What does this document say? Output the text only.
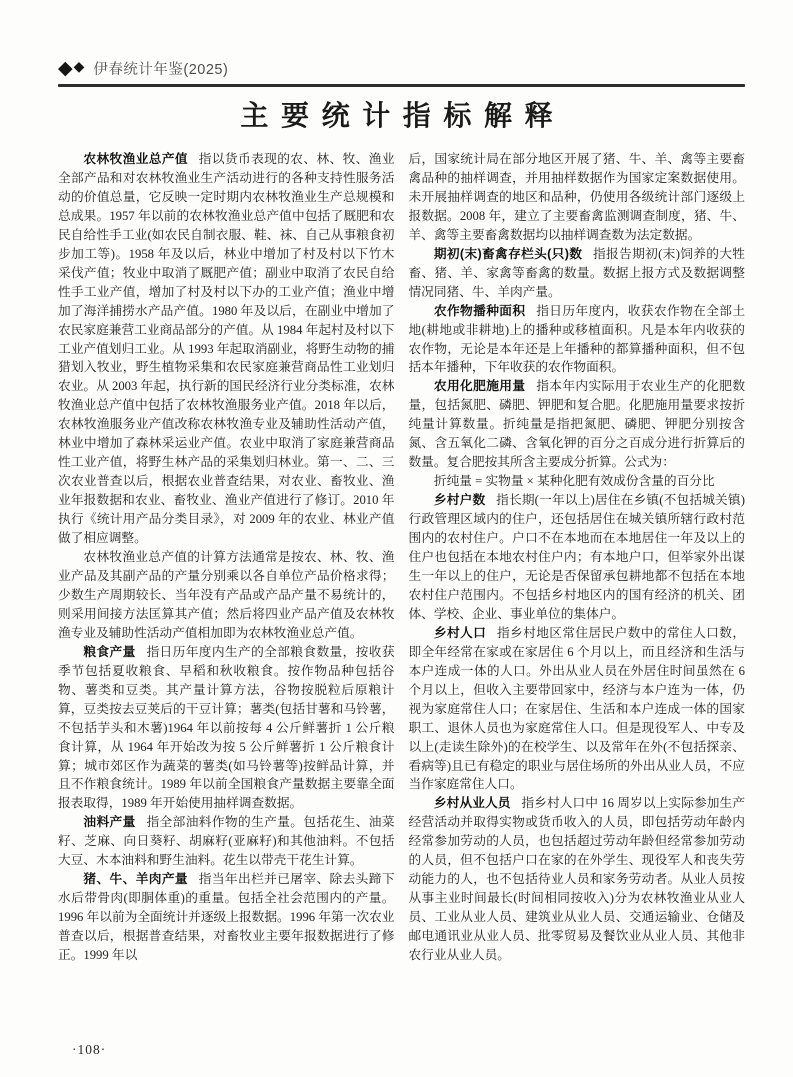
◆ ◆ 伊春统计年鉴(2025)
主要统计指标解释

农林牧渔业总产值 指以货币表现的农、林、牧、渔业全部产品和对农林牧渔业生产活动进行的各种支持性服务活动的价值总量，它反映一定时期内农林牧渔业生产总规模和总成果。1957 年以前的农林牧渔业总产值中包括了厩肥和农民自给性手工业(如农民自制衣服、鞋、袜、自己从事粮食初步加工等)。1958 年及以后，林业中增加了村及村以下竹木采伐产值；牧业中取消了厩肥产值；副业中取消了农民自给性手工业产值，增加了村及村以下办的工业产值；渔业中增加了海洋捕捞水产品产值。1980 年及以后，在副业中增加了农民家庭兼营工业商品部分的产值。从 1984 年起村及村以下工业产值划归工业。从 1993 年起取消副业，将野生动物的捕猎划入牧业，野生植物采集和农民家庭兼营商品性工业划归农业。从 2003 年起，执行新的国民经济行业分类标准，农林牧渔业总产值中包括了农林牧渔服务业产值。2018 年以后，农林牧渔服务业产值改称农林牧渔专业及辅助性活动产值，林业中增加了森林采运业产值。农业中取消了家庭兼营商品性工业产值，将野生林产品的采集划归林业。第一、二、三次农业普查以后，根据农业普查结果，对农业、畜牧业、渔业年报数据和农业、畜牧业、渔业产值进行了修订。2010 年执行《统计用产品分类目录》，对 2009 年的农业、林业产值做了相应调整。

农林牧渔业总产值的计算方法通常是按农、林、牧、渔业产品及其副产品的产量分别乘以各自单位产品价格求得；少数生产周期较长、当年没有产品或产品产量不易统计的，则采用间接方法匡算其产值；然后将四业产品产值及农林牧渔专业及辅助性活动产值相加即为农林牧渔业总产值。

粮食产量 指日历年度内生产的全部粮食数量，按收获季节包括夏收粮食、早稻和秋收粮食。按作物品种包括谷物、薯类和豆类。其产量计算方法，谷物按脱粒后原粮计算，豆类按去豆荚后的干豆计算；薯类(包括甘薯和马铃薯，不包括芋头和木薯)1964 年以前按每 4 公斤鲜薯折 1 公斤粮食计算，从 1964 年开始改为按 5 公斤鲜薯折 1 公斤粮食计算；城市郊区作为蔬菜的薯类(如马铃薯等)按鲜品计算，并且不作粮食统计。1989 年以前全国粮食产量数据主要靠全面报表取得，1989 年开始使用抽样调查数据。

油料产量 指全部油料作物的生产量。包括花生、油菜籽、芝麻、向日葵籽、胡麻籽(亚麻籽)和其他油料。不包括大豆、木本油料和野生油料。花生以带壳干花生计算。

猪、牛、羊肉产量 指当年出栏并已屠宰、除去头蹄下水后带骨肉(即胴体重)的重量。包括全社会范围内的产量。1996 年以前为全面统计并逐级上报数据。1996 年第一次农业普查以后，根据普查结果，对畜牧业主要年报数据进行了修正。1999 年以

后，国家统计局在部分地区开展了猪、牛、羊、禽等主要畜禽品种的抽样调查，并用抽样数据作为国家定案数据使用。未开展抽样调查的地区和品种，仍使用各级统计部门逐级上报数据。2008 年，建立了主要畜禽监测调查制度，猪、牛、羊、禽等主要畜禽数据均以抽样调查数为法定数据。

期初(末)畜禽存栏头(只)数 指报告期初(末)饲养的大牲畜、猪、羊、家禽等畜禽的数量。数据上报方式及数据调整情况同猪、牛、羊肉产量。

农作物播种面积 指日历年度内，收获农作物在全部土地(耕地或非耕地)上的播种或移植面积。凡是本年内收获的农作物，无论是本年还是上年播种的都算播种面积，但不包括本年播种，下年收获的农作物面积。

农用化肥施用量 指本年内实际用于农业生产的化肥数量，包括氮肥、磷肥、钾肥和复合肥。化肥施用量要求按折纯量计算数量。折纯量是指把氮肥、磷肥、钾肥分别按含氮、含五氧化二磷、含氧化钾的百分之百成分进行折算后的数量。复合肥按其所含主要成分折算。公式为：

折纯量 = 实物量 × 某种化肥有效成份含量的百分比

乡村户数 指长期(一年以上)居住在乡镇(不包括城关镇)行政管理区域内的住户，还包括居住在城关镇所辖行政村范围内的农村住户。户口不在本地而在本地居住一年及以上的住户也包括在本地农村住户内；有本地户口，但举家外出谋生一年以上的住户，无论是否保留承包耕地都不包括在本地农村住户范围内。不包括乡村地区内的国有经济的机关、团体、学校、企业、事业单位的集体户。

乡村人口 指乡村地区常住居民户数中的常住人口数，即全年经常在家或在家居住 6 个月以上，而且经济和生活与本户连成一体的人口。外出从业人员在外居住时间虽然在 6 个月以上，但收入主要带回家中，经济与本户连为一体，仍视为家庭常住人口；在家居住、生活和本户连成一体的国家职工、退休人员也为家庭常住人口。但是现役军人、中专及以上(走读生除外)的在校学生、以及常年在外(不包括探亲、看病等)且已有稳定的职业与居住场所的外出从业人员，不应当作家庭常住人口。

乡村从业人员 指乡村人口中 16 周岁以上实际参加生产经营活动并取得实物或货币收入的人员，即包括劳动年龄内经常参加劳动的人员，也包括超过劳动年龄但经常参加劳动的人员，但不包括户口在家的在外学生、现役军人和丧失劳动能力的人，也不包括待业人员和家务劳动者。从业人员按从事主业时间最长(时间相同按收入)分为农林牧渔业从业人员、工业从业人员、建筑业从业人员、交通运输业、仓储及邮电通讯业从业人员、批零贸易及餐饮业从业人员、其他非农行业从业人员。

·108·
